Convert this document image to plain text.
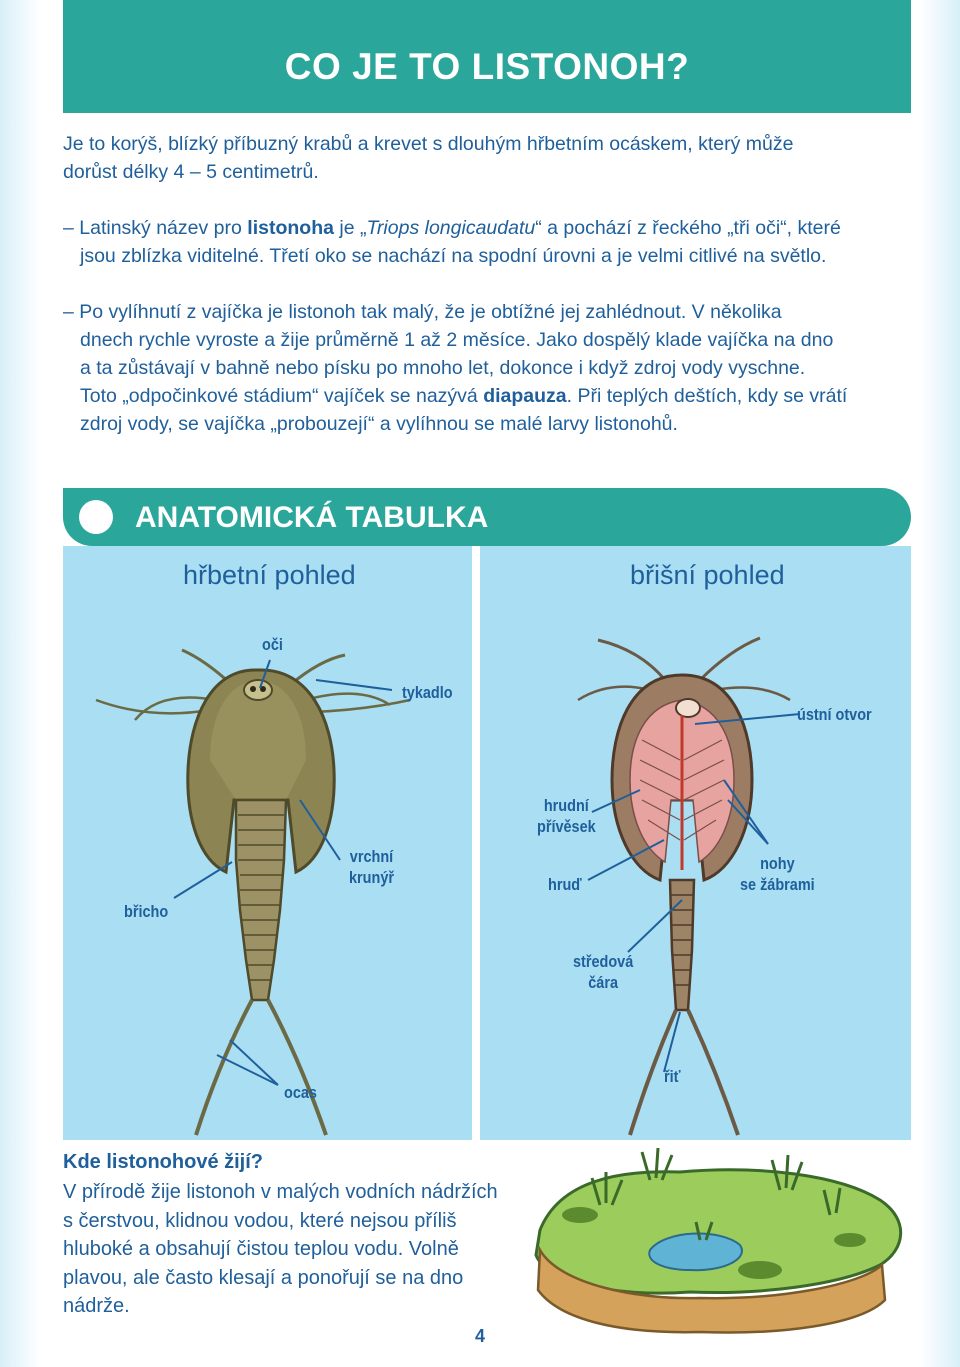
CO JE TO LISTONOH?
Je to korýš, blízký příbuzný krabů a krevet s dlouhým hřbetním ocáskem, který může
dorůst délky 4 – 5 centimetrů.
– Latinský název pro listonoha je „Triops longicaudatu“ a pochází z řeckého „tři oči“, které
jsou zblízka viditelné. Třetí oko se nachází na spodní úrovni a je velmi citlivé na světlo.
– Po vylíhnutí z vajíčka je listonoh tak malý, že je obtížné jej zahlédnout. V několika
dnech rychle vyroste a žije průměrně 1 až 2 měsíce. Jako dospělý klade vajíčka na dno
a ta zůstávají v bahně nebo písku po mnoho let, dokonce i když zdroj vody vyschne.
Toto „odpočinkové stádium“ vajíček se nazývá diapauza. Při teplých deštích, kdy se vrátí
zdroj vody, se vajíčka „probouzejí“ a vylíhnou se malé larvy listonohů.
ANATOMICKÁ TABULKA
hřbetní pohled	břišní pohled
oči
tykadlo
vrchní
krunýř
břicho
ocas
ústní otvor
hrudní
přívěsek
hruď
nohy
se žábrami
středová
čára
řiť
Kde listonohové žijí?
V přírodě žije listonoh v malých vodních nádržích
s čerstvou, klidnou vodou, které nejsou příliš
hluboké a obsahují čistou teplou vodu. Volně
plavou, ale často klesají a ponořují se na dno
nádrže.
4
